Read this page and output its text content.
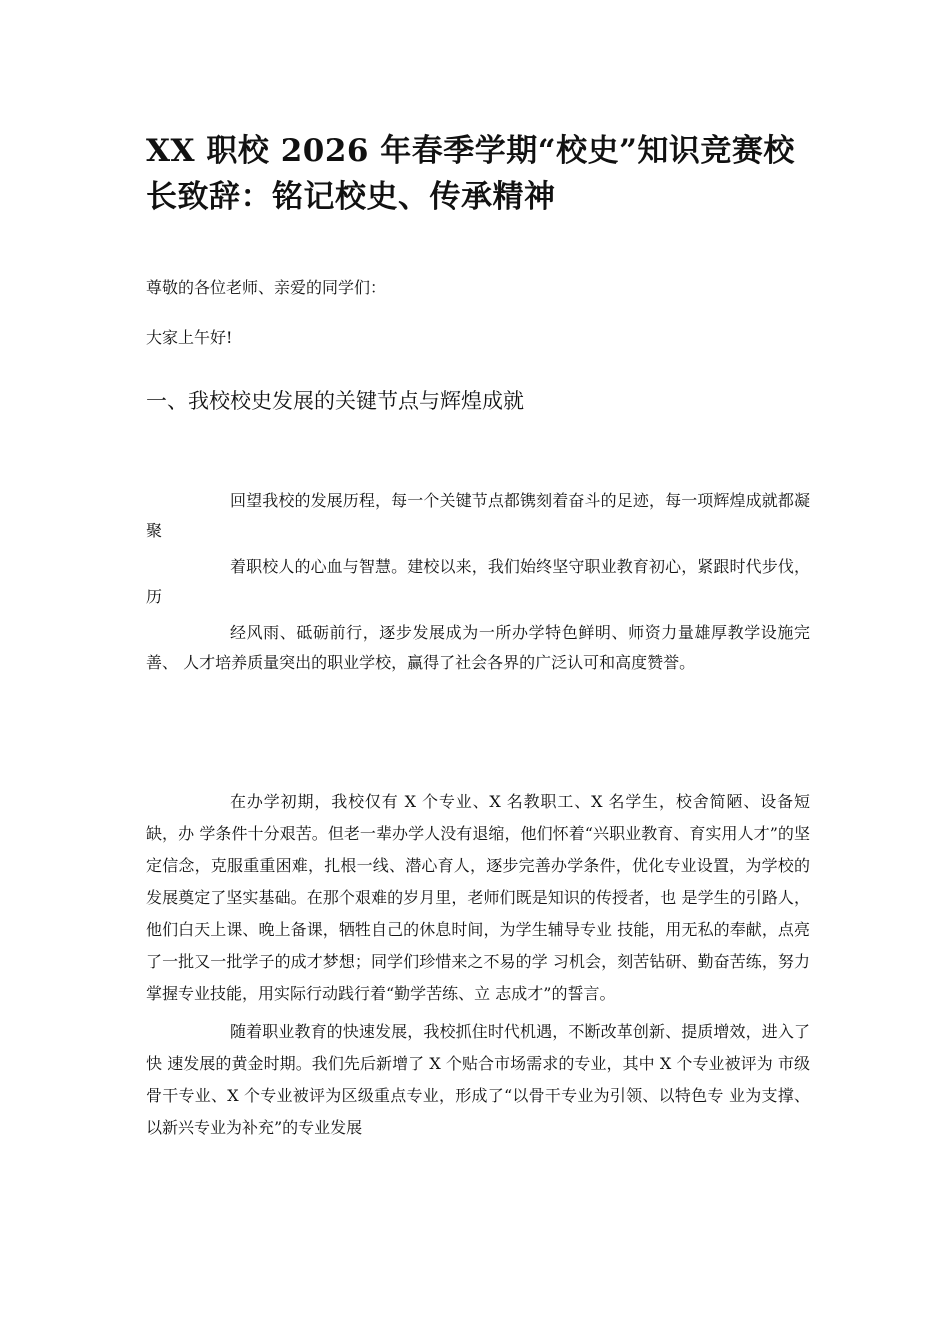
XX 职校 2026 年春季学期“校史”知识竞赛校长致辞：铭记校史、传承精神

尊敬的各位老师、亲爱的同学们：

大家上午好!

一、我校校史发展的关键节点与辉煌成就

回望我校的发展历程，每一个关键节点都镌刻着奋斗的足迹，每一项辉煌成就都凝聚

着职校人的心血与智慧。建校以来，我们始终坚守职业教育初心，紧跟时代步伐，历

经风雨、砥砺前行，逐步发展成为一所办学特色鲜明、师资力量雄厚教学设施完善、 人才培养质量突出的职业学校，赢得了社会各界的广泛认可和高度赞誉。

在办学初期，我校仅有 X 个专业、X 名教职工、X 名学生，校舍简陋、设备短缺，办 学条件十分艰苦。但老一辈办学人没有退缩，他们怀着“兴职业教育、育实用人才”的坚 定信念，克服重重困难，扎根一线、潜心育人，逐步完善办学条件，优化专业设置，为学校的发展奠定了坚实基础。在那个艰难的岁月里，老师们既是知识的传授者，也 是学生的引路人，他们白天上课、晚上备课，牺牲自己的休息时间，为学生辅导专业 技能，用无私的奉献，点亮了一批又一批学子的成才梦想；同学们珍惜来之不易的学 习机会，刻苦钻研、勤奋苦练，努力掌握专业技能，用实际行动践行着“勤学苦练、立 志成才”的誓言。

随着职业教育的快速发展，我校抓住时代机遇，不断改革创新、提质增效，进入了快 速发展的黄金时期。我们先后新增了 X 个贴合市场需求的专业，其中 X 个专业被评为 市级骨干专业、X 个专业被评为区级重点专业，形成了“以骨干专业为引领、以特色专 业为支撑、以新兴专业为补充”的专业发展
